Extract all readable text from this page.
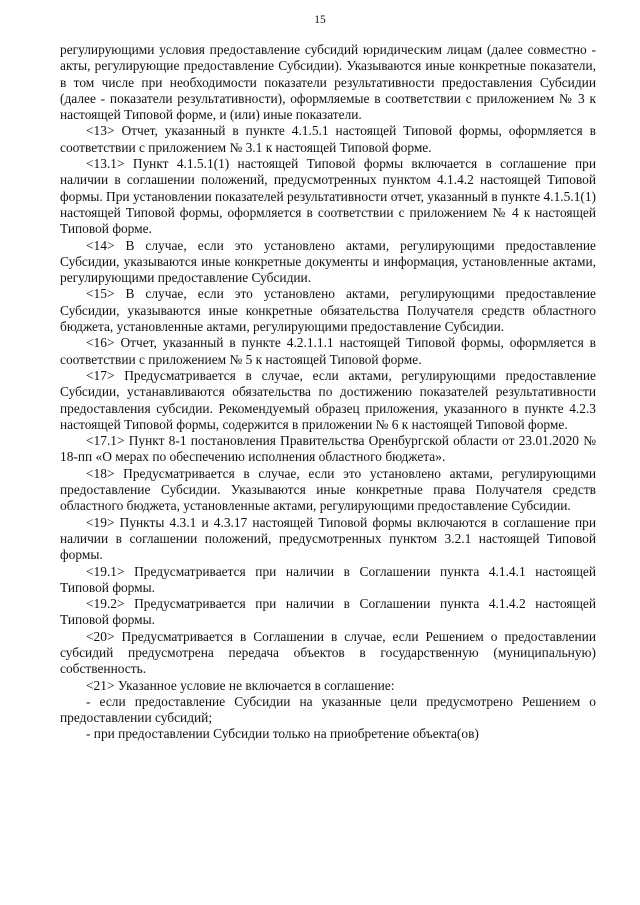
15

регулирующими условия предоставление субсидий юридическим лицам (далее совместно - акты, регулирующие предоставление Субсидии). Указываются иные конкретные показатели, в том числе при необходимости показатели результативности предоставления Субсидии (далее - показатели результативности), оформляемые в соответствии с приложением № 3 к настоящей Типовой форме, и (или) иные показатели.

<13> Отчет, указанный в пункте 4.1.5.1 настоящей Типовой формы, оформляется в соответствии с приложением № 3.1 к настоящей Типовой форме.

<13.1> Пункт 4.1.5.1(1) настоящей Типовой формы включается в соглашение при наличии в соглашении положений, предусмотренных пунктом 4.1.4.2 настоящей Типовой формы. При установлении показателей результативности отчет, указанный в пункте 4.1.5.1(1) настоящей Типовой формы, оформляется в соответствии с приложением № 4 к настоящей Типовой форме.

<14> В случае, если это установлено актами, регулирующими предоставление Субсидии, указываются иные конкретные документы и информация, установленные актами, регулирующими предоставление Субсидии.

<15> В случае, если это установлено актами, регулирующими предоставление Субсидии, указываются иные конкретные обязательства Получателя средств областного бюджета, установленные актами, регулирующими предоставление Субсидии.

<16> Отчет, указанный в пункте 4.2.1.1.1 настоящей Типовой формы, оформляется в соответствии с приложением № 5 к настоящей Типовой форме.

<17> Предусматривается в случае, если актами, регулирующими предоставление Субсидии, устанавливаются обязательства по достижению показателей результативности предоставления субсидии. Рекомендуемый образец приложения, указанного в пункте 4.2.3 настоящей Типовой формы, содержится в приложении № 6 к настоящей Типовой форме.

<17.1> Пункт 8-1 постановления Правительства Оренбургской области от 23.01.2020 № 18-пп «О мерах по обеспечению исполнения областного бюджета».

<18> Предусматривается в случае, если это установлено актами, регулирующими предоставление Субсидии. Указываются иные конкретные права Получателя средств областного бюджета, установленные актами, регулирующими предоставление Субсидии.

<19> Пункты 4.3.1 и 4.3.17 настоящей Типовой формы включаются в соглашение при наличии в соглашении положений, предусмотренных пунктом 3.2.1 настоящей Типовой формы.

<19.1> Предусматривается при наличии в Соглашении пункта 4.1.4.1 настоящей Типовой формы.

<19.2> Предусматривается при наличии в Соглашении пункта 4.1.4.2 настоящей Типовой формы.

<20> Предусматривается в Соглашении в случае, если Решением о предоставлении субсидий предусмотрена передача объектов в государственную (муниципальную) собственность.

<21> Указанное условие не включается в соглашение:

- если предоставление Субсидии на указанные цели предусмотрено Решением о предоставлении субсидий;

- при предоставлении Субсидии только на приобретение объекта(ов)
